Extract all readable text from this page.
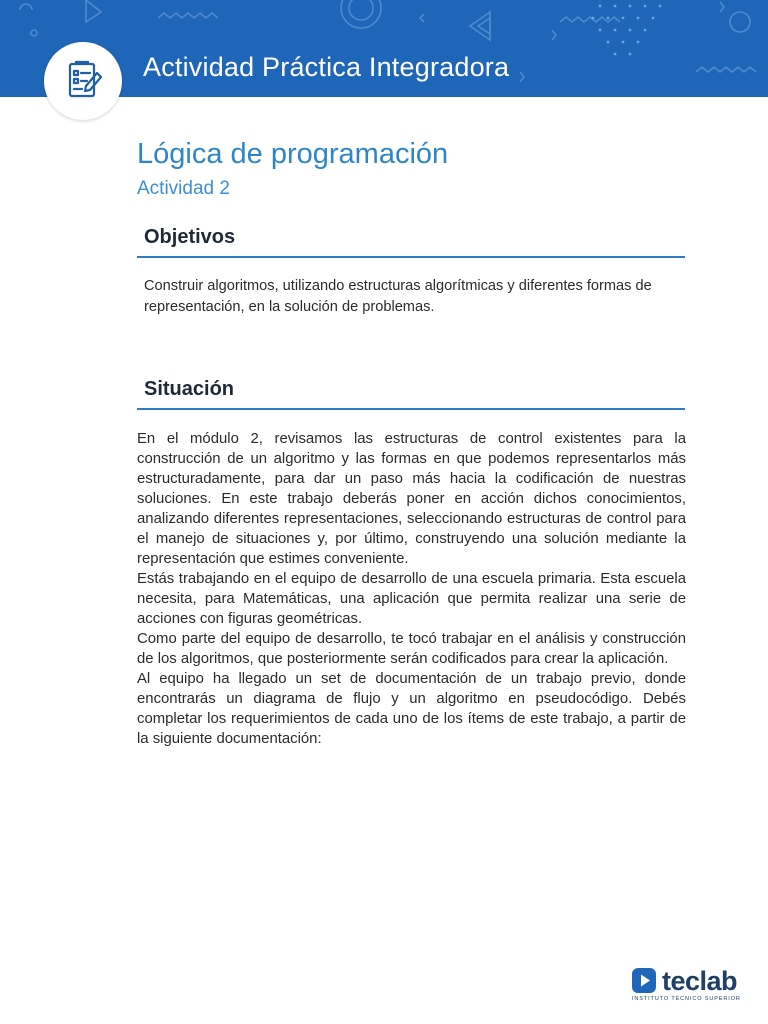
Actividad Práctica Integradora
Lógica de programación
Actividad 2
Objetivos

Construir algoritmos, utilizando estructuras algorítmicas y diferentes formas de representación, en la solución de problemas.

Situación

En el módulo 2, revisamos las estructuras de control existentes para la construcción de un algoritmo y las formas en que podemos representarlos más estructuradamente, para dar un paso más hacia la codificación de nuestras soluciones. En este trabajo deberás poner en acción dichos conocimientos, analizando diferentes representaciones, seleccionando estructuras de control para el manejo de situaciones y, por último, construyendo una solución mediante la representación que estimes conveniente.

Estás trabajando en el equipo de desarrollo de una escuela primaria. Esta escuela necesita, para Matemáticas, una aplicación que permita realizar una serie de acciones con figuras geométricas.

Como parte del equipo de desarrollo, te tocó trabajar en el análisis y construcción de los algoritmos, que posteriormente serán codificados para crear la aplicación.

Al equipo ha llegado un set de documentación de un trabajo previo, donde encontrarás un diagrama de flujo y un algoritmo en pseudocódigo. Debés completar los requerimientos de cada uno de los ítems de este trabajo, a partir de la siguiente documentación:

teclab
INSTITUTO TÉCNICO SUPERIOR
